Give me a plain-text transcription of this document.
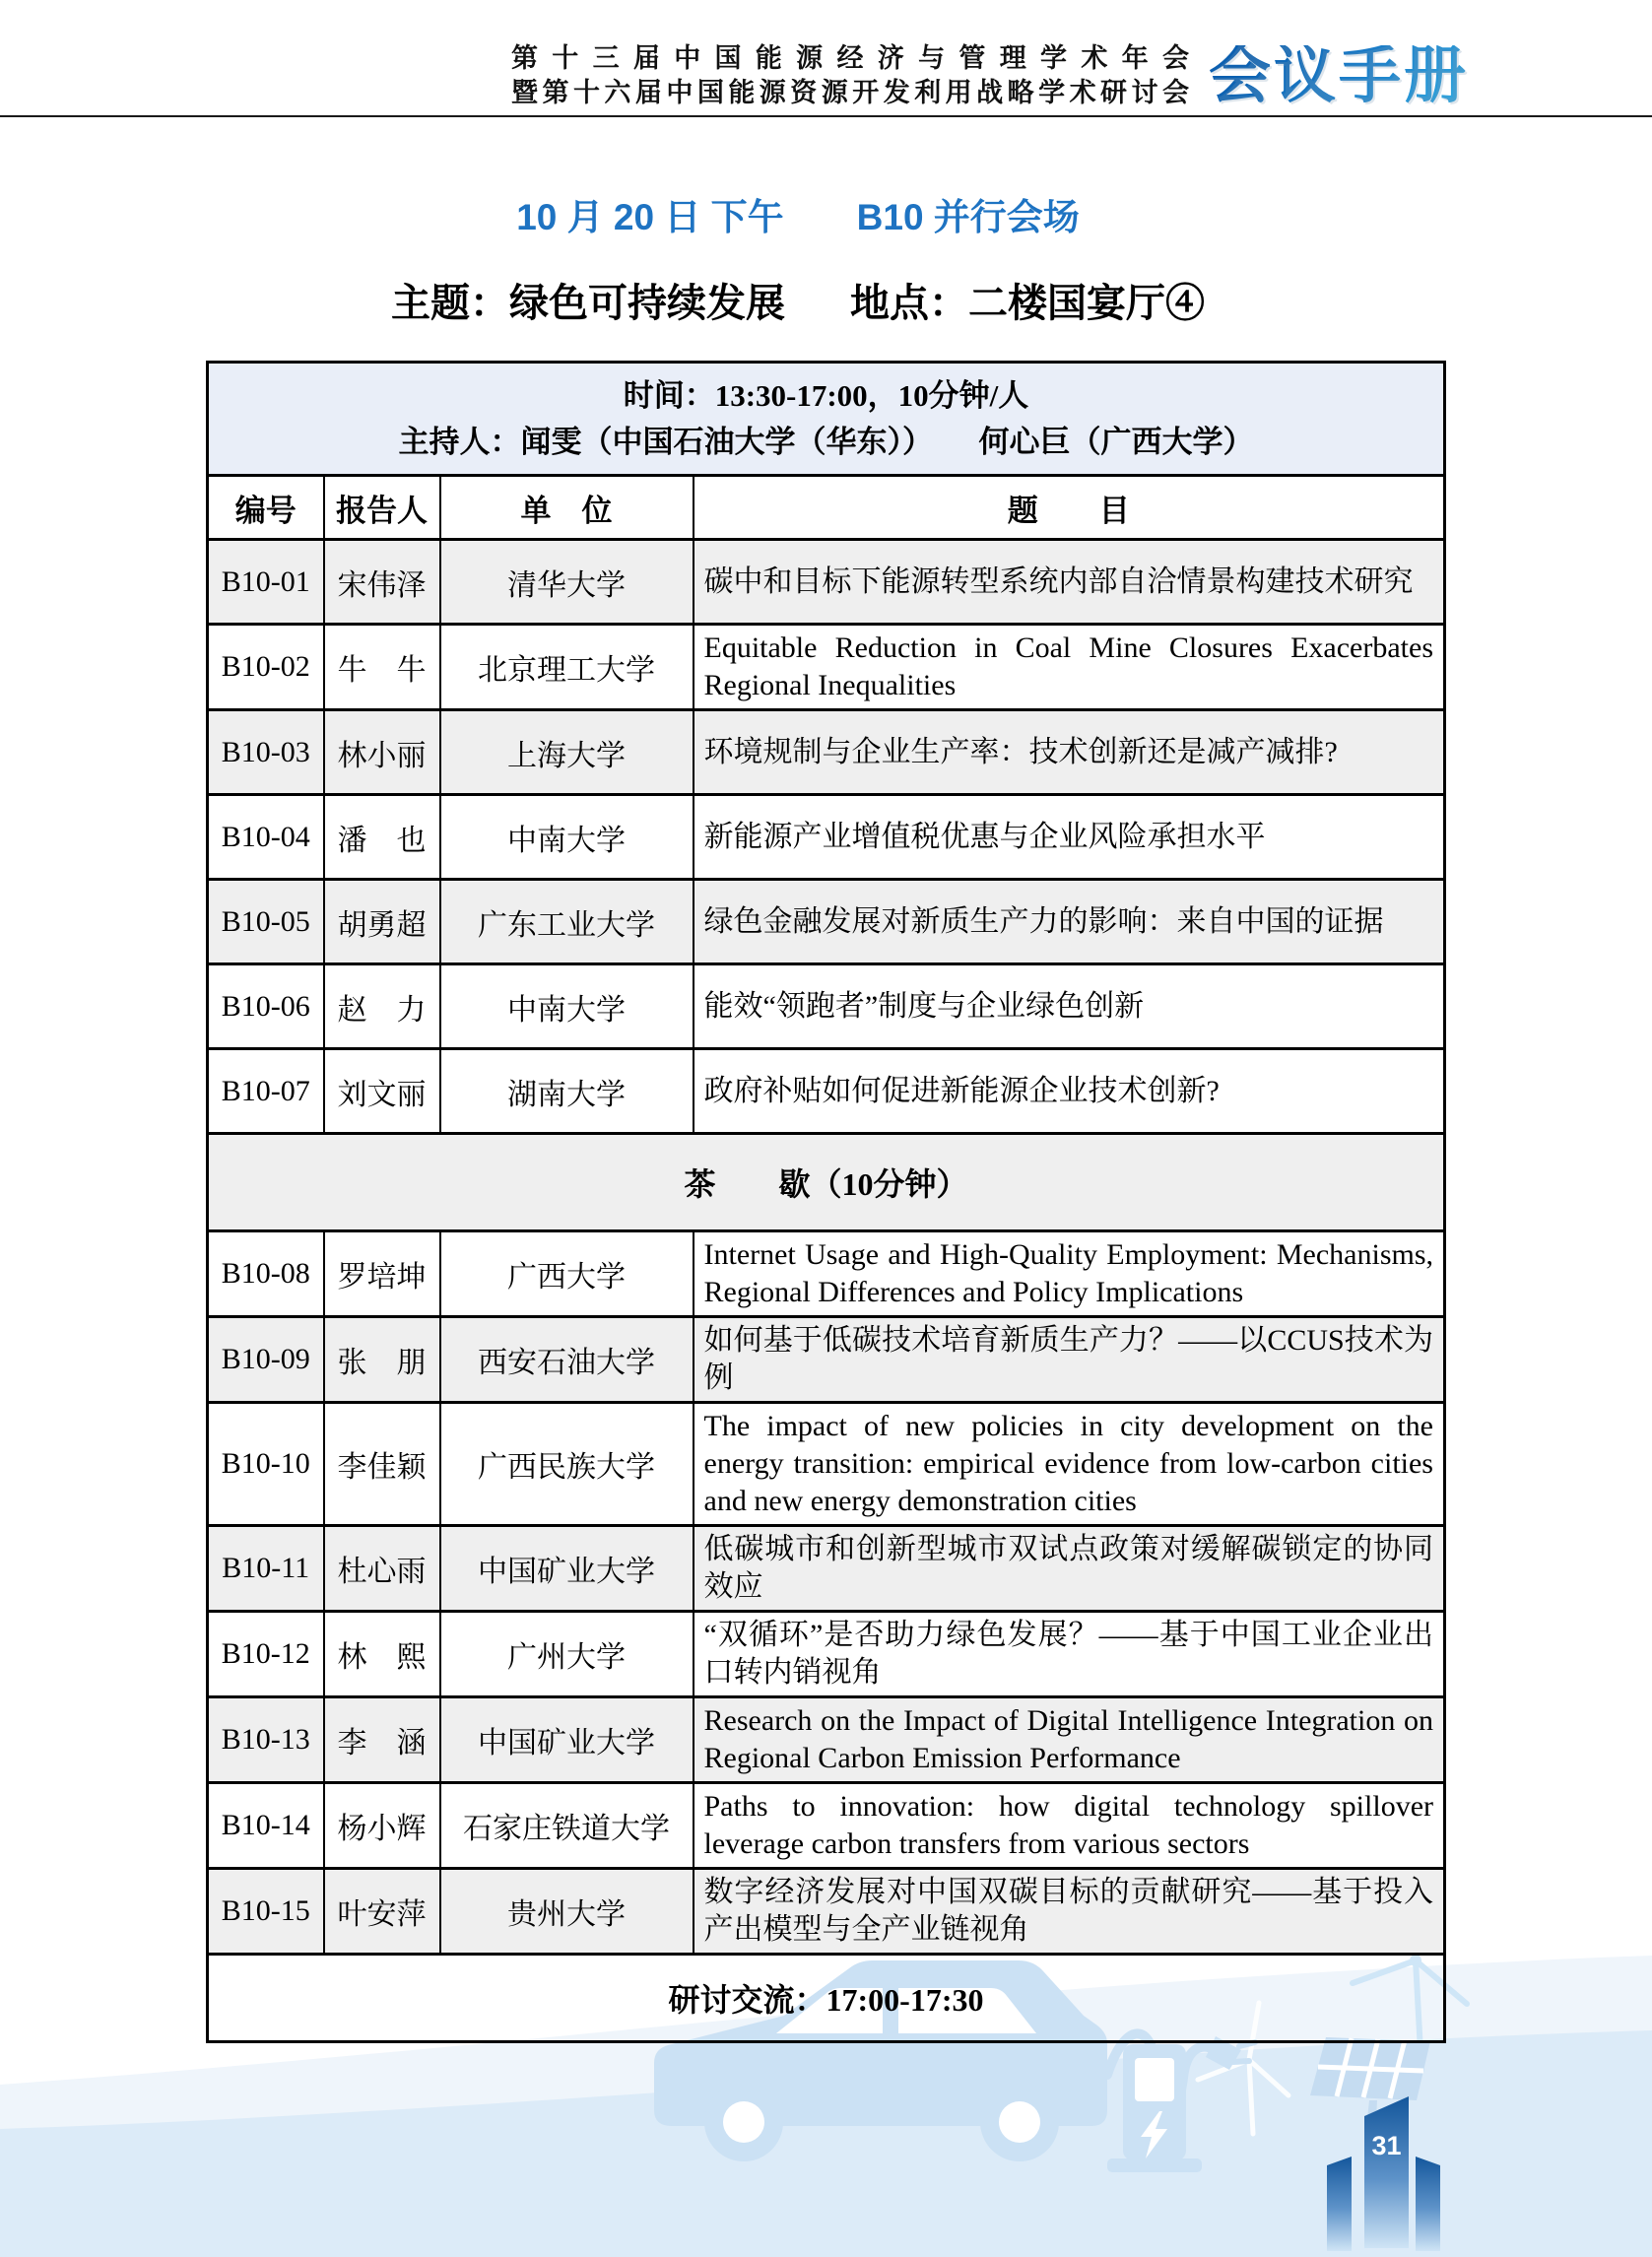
31
第十三届中国能源经济与管理学术年会
暨第十六届中国能源资源开发利用战略学术研讨会 会议手册
10 月 20 日 下午 B10 并行会场
主题：绿色可持续发展 地点：二楼国宴厅④
时间：13:30-17:00，10分钟/人
主持人：闻雯（中国石油大学（华东））　　何心巨（广西大学）			

编号	报告人	单　位	题　　目
B10-01	宋伟泽	清华大学	碳中和目标下能源转型系统内部自洽情景构建技术研究
B10-02	牛　牛	北京理工大学	Equitable Reduction in Coal Mine Closures Exacerbates Regional Inequalities
B10-03	林小丽	上海大学	环境规制与企业生产率：技术创新还是减产减排?
B10-04	潘　也	中南大学	新能源产业增值税优惠与企业风险承担水平
B10-05	胡勇超	广东工业大学	绿色金融发展对新质生产力的影响：来自中国的证据
B10-06	赵　力	中南大学	能效“领跑者”制度与企业绿色创新
B10-07	刘文丽	湖南大学	政府补贴如何促进新能源企业技术创新?
茶　　歇（10分钟）			
B10-08	罗培坤	广西大学	Internet Usage and High-Quality Employment: Mechanisms, Regional Differences and Policy Implications
B10-09	张　朋	西安石油大学	如何基于低碳技术培育新质生产力？——以CCUS技术为例
B10-10	李佳颖	广西民族大学	The impact of new policies in city development on the energy transition: empirical evidence from low-carbon cities and new energy demonstration cities
B10-11	杜心雨	中国矿业大学	低碳城市和创新型城市双试点政策对缓解碳锁定的协同效应
B10-12	林　熙	广州大学	“双循环”是否助力绿色发展？——基于中国工业企业出口转内销视角
B10-13	李　涵	中国矿业大学	Research on the Impact of Digital Intelligence Integration on Regional Carbon Emission Performance
B10-14	杨小辉	石家庄铁道大学	Paths to innovation: how digital technology spillover leverage carbon transfers from various sectors
B10-15	叶安萍	贵州大学	数字经济发展对中国双碳目标的贡献研究——基于投入产出模型与全产业链视角
研讨交流：17:00-17:30			
